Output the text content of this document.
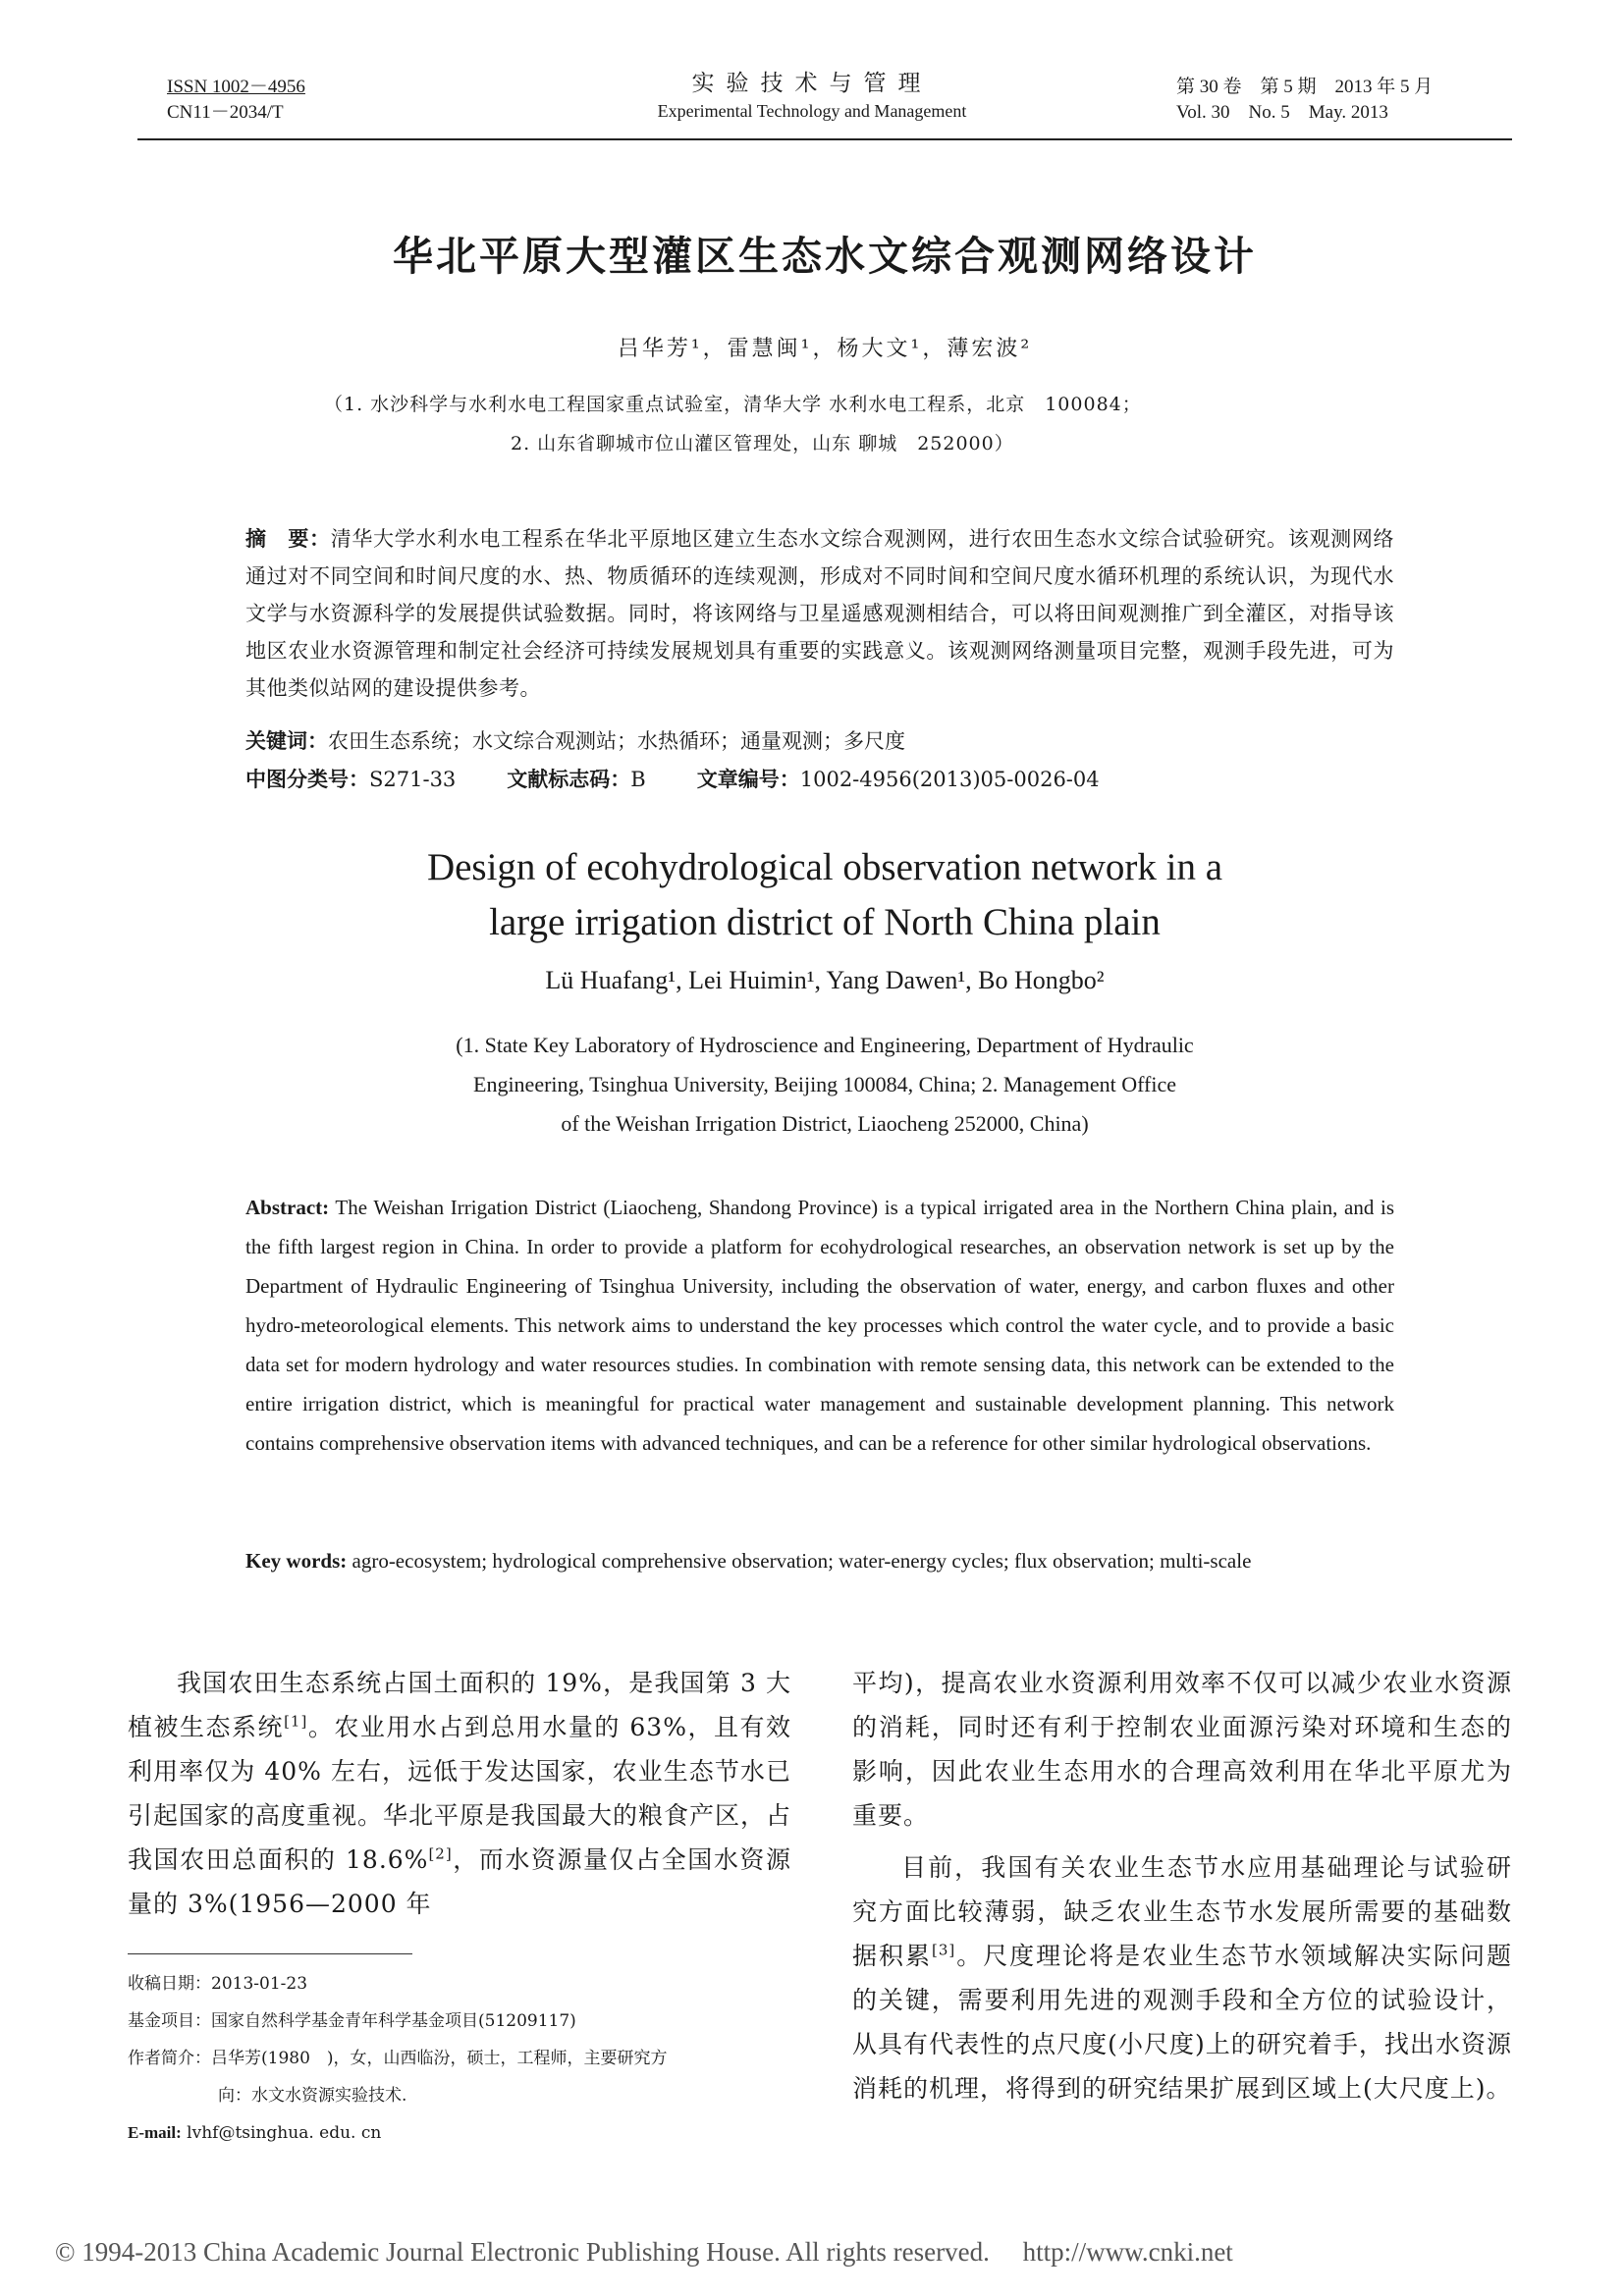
ISSN 1002－4956
CN11－2034/T
实验技术与管理
Experimental Technology and Management
第 30 卷　第 5 期　2013 年 5 月
Vol. 30　No. 5　May. 2013
华北平原大型灌区生态水文综合观测网络设计
吕华芳¹，雷慧闽¹，杨大文¹，薄宏波²
（1. 水沙科学与水利水电工程国家重点试验室，清华大学 水利水电工程系，北京　100084；
2. 山东省聊城市位山灌区管理处，山东 聊城　252000）
摘　要：清华大学水利水电工程系在华北平原地区建立生态水文综合观测网，进行农田生态水文综合试验研究。该观测网络通过对不同空间和时间尺度的水、热、物质循环的连续观测，形成对不同时间和空间尺度水循环机理的系统认识，为现代水文学与水资源科学的发展提供试验数据。同时，将该网络与卫星遥感观测相结合，可以将田间观测推广到全灌区，对指导该地区农业水资源管理和制定社会经济可持续发展规划具有重要的实践意义。该观测网络测量项目完整，观测手段先进，可为其他类似站网的建设提供参考。
关键词：农田生态系统；水文综合观测站；水热循环；通量观测；多尺度
中图分类号：S271-33 文献标志码：B 文章编号：1002-4956(2013)05-0026-04
Design of ecohydrological observation network in a
large irrigation district of North China plain
Lü Huafang¹, Lei Huimin¹, Yang Dawen¹, Bo Hongbo²
(1. State Key Laboratory of Hydroscience and Engineering, Department of Hydraulic
Engineering, Tsinghua University, Beijing 100084, China; 2. Management Office
of the Weishan Irrigation District, Liaocheng 252000, China)
Abstract: The Weishan Irrigation District (Liaocheng, Shandong Province) is a typical irrigated area in the Northern China plain, and is the fifth largest region in China. In order to provide a platform for ecohydrological researches, an observation network is set up by the Department of Hydraulic Engineering of Tsinghua University, including the observation of water, energy, and carbon fluxes and other hydro-meteorological elements. This network aims to understand the key processes which control the water cycle, and to provide a basic data set for modern hydrology and water resources studies. In combination with remote sensing data, this network can be extended to the entire irrigation district, which is meaningful for practical water management and sustainable development planning. This network contains comprehensive observation items with advanced techniques, and can be a reference for other similar hydrological observations.
Key words: agro-ecosystem; hydrological comprehensive observation; water-energy cycles; flux observation; multi-scale

我国农田生态系统占国土面积的 19%，是我国第 3 大植被生态系统[1]。农业用水占到总用水量的 63%，且有效利用率仅为 40% 左右，远低于发达国家，农业生态节水已引起国家的高度重视。华北平原是我国最大的粮食产区，占我国农田总面积的 18.6%[2]，而水资源量仅占全国水资源量的 3%(1956—2000 年

平均)，提高农业水资源利用效率不仅可以减少农业水资源的消耗，同时还有利于控制农业面源污染对环境和生态的影响，因此农业生态用水的合理高效利用在华北平原尤为重要。

目前，我国有关农业生态节水应用基础理论与试验研究方面比较薄弱，缺乏农业生态节水发展所需要的基础数据积累[3]。尺度理论将是农业生态节水领域解决实际问题的关键，需要利用先进的观测手段和全方位的试验设计，从具有代表性的点尺度(小尺度)上的研究着手，找出水资源消耗的机理，将得到的研究结果扩展到区域上(大尺度上)。

收稿日期：2013-01-23
基金项目：国家自然科学基金青年科学基金项目(51209117)
作者简介：吕华芳(1980　)，女，山西临汾，硕士，工程师，主要研究方
向：水文水资源实验技术.
E-mail: lvhf@tsinghua. edu. cn
© 1994-2013 China Academic Journal Electronic Publishing House. All rights reserved.　 http://www.cnki.net
